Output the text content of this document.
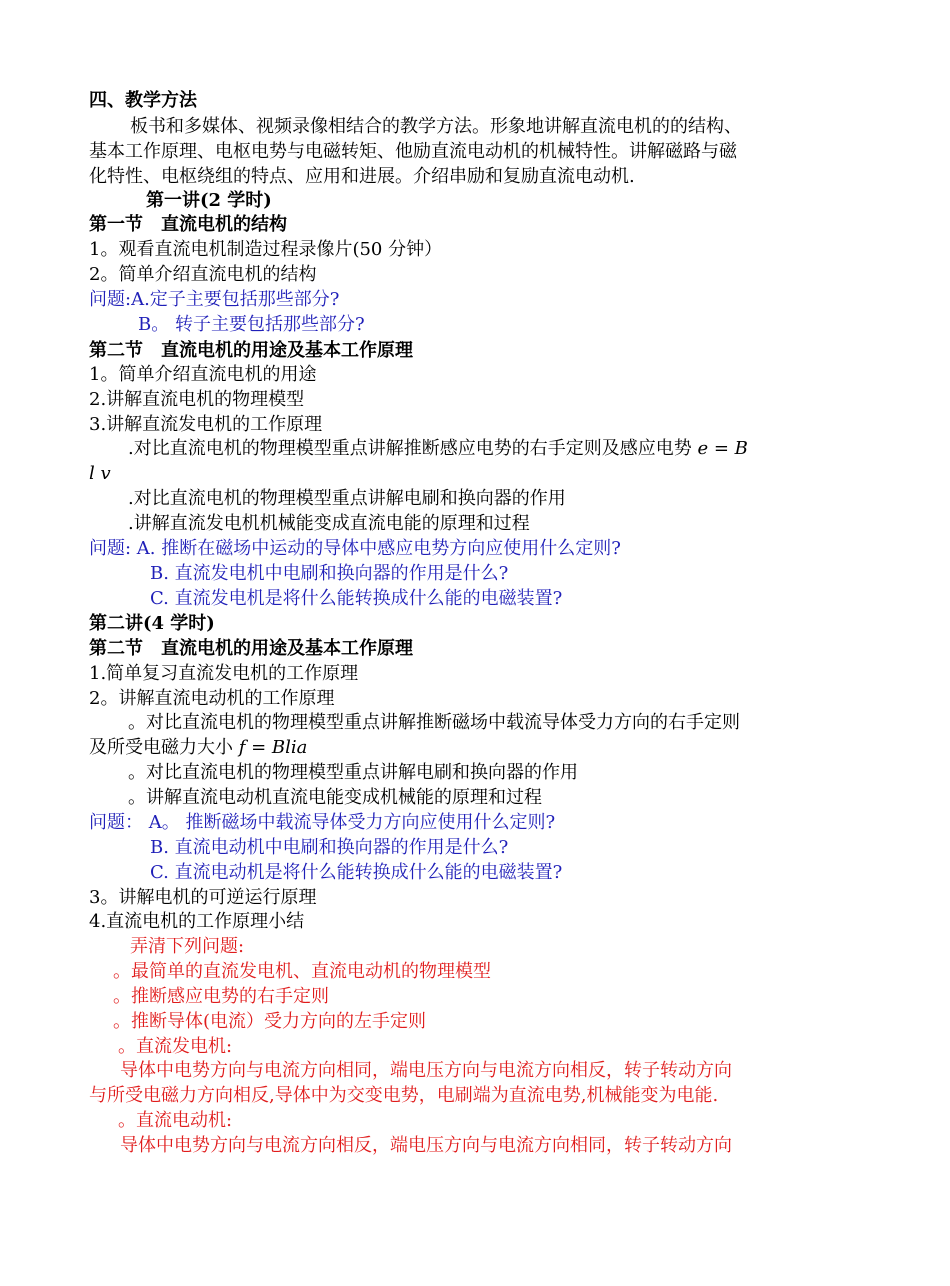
四、教学方法
板书和多媒体、视频录像相结合的教学方法。形象地讲解直流电机的的结构、
基本工作原理、电枢电势与电磁转矩、他励直流电动机的机械特性。讲解磁路与磁
化特性、电枢绕组的特点、应用和进展。介绍串励和复励直流电动机.
第一讲(2 学时)
第一节　直流电机的结构
1。观看直流电机制造过程录像片(50 分钟）
2。简单介绍直流电机的结构
问题:A.定子主要包括那些部分?
B。 转子主要包括那些部分?
第二节　直流电机的用途及基本工作原理
1。简单介绍直流电机的用途
2.讲解直流电机的物理模型
3.讲解直流发电机的工作原理
.对比直流电机的物理模型重点讲解推断感应电势的右手定则及感应电势 e = B
l v
.对比直流电机的物理模型重点讲解电刷和换向器的作用
.讲解直流发电机机械能变成直流电能的原理和过程
问题: A. 推断在磁场中运动的导体中感应电势方向应使用什么定则?
B. 直流发电机中电刷和换向器的作用是什么?
C. 直流发电机是将什么能转换成什么能的电磁装置?
第二讲(4 学时)
第二节　直流电机的用途及基本工作原理
1.简单复习直流发电机的工作原理
2。讲解直流电动机的工作原理
。对比直流电机的物理模型重点讲解推断磁场中载流导体受力方向的右手定则
及所受电磁力大小 f = Blia
。对比直流电机的物理模型重点讲解电刷和换向器的作用
。讲解直流电动机直流电能变成机械能的原理和过程
问题： A。 推断磁场中载流导体受力方向应使用什么定则?
B. 直流电动机中电刷和换向器的作用是什么?
C. 直流电动机是将什么能转换成什么能的电磁装置?
3。讲解电机的可逆运行原理
4.直流电机的工作原理小结
弄清下列问题:
。最简单的直流发电机、直流电动机的物理模型
。推断感应电势的右手定则
。推断导体(电流）受力方向的左手定则
。直流发电机:
导体中电势方向与电流方向相同，端电压方向与电流方向相反，转子转动方向
与所受电磁力方向相反,导体中为交变电势，电刷端为直流电势,机械能变为电能.
。直流电动机:
导体中电势方向与电流方向相反，端电压方向与电流方向相同，转子转动方向
